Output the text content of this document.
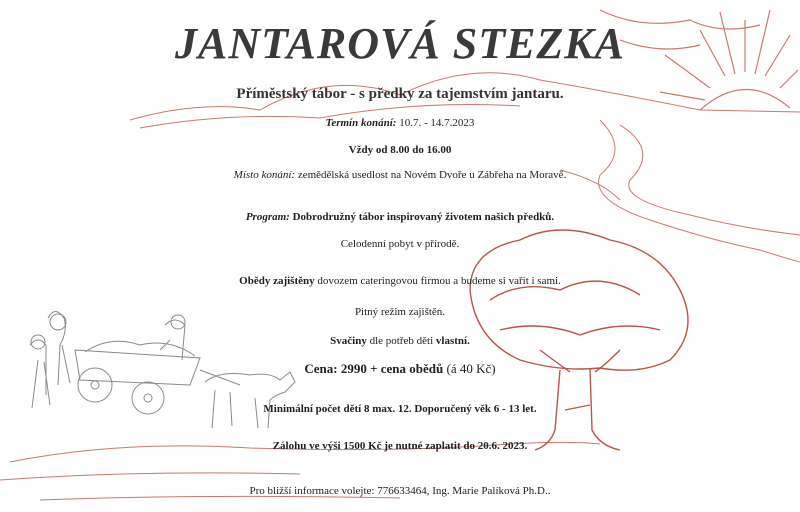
JANTAROVÁ STEZKA
Příměstský tábor - s předky za tajemstvím jantaru.
Termín konání: 10.7. - 14.7.2023
Vždy od 8.00 do 16.00
Místo konání: zemědělská usedlost na Novém Dvoře u Zábřeha na Moravě.
Program: Dobrodružný tábor inspirovaný životem našich předků.
Celodenní pobyt v přírodě.
Obědy zajištěny dovozem cateringovou firmou a budeme si vařit i sami.
Pitný režim zajištěn.
Svačiny dle potřeb děti vlastní.
Cena: 2990 + cena obědů (á 40 Kč)
Minimální počet dětí 8 max. 12. Doporučený věk 6 - 13 let.
Zálohu ve výši 1500 Kč je nutné zaplatit do 20.6. 2023.
Pro bližší informace volejte: 776633464, Ing. Marie Palíková Ph.D..
